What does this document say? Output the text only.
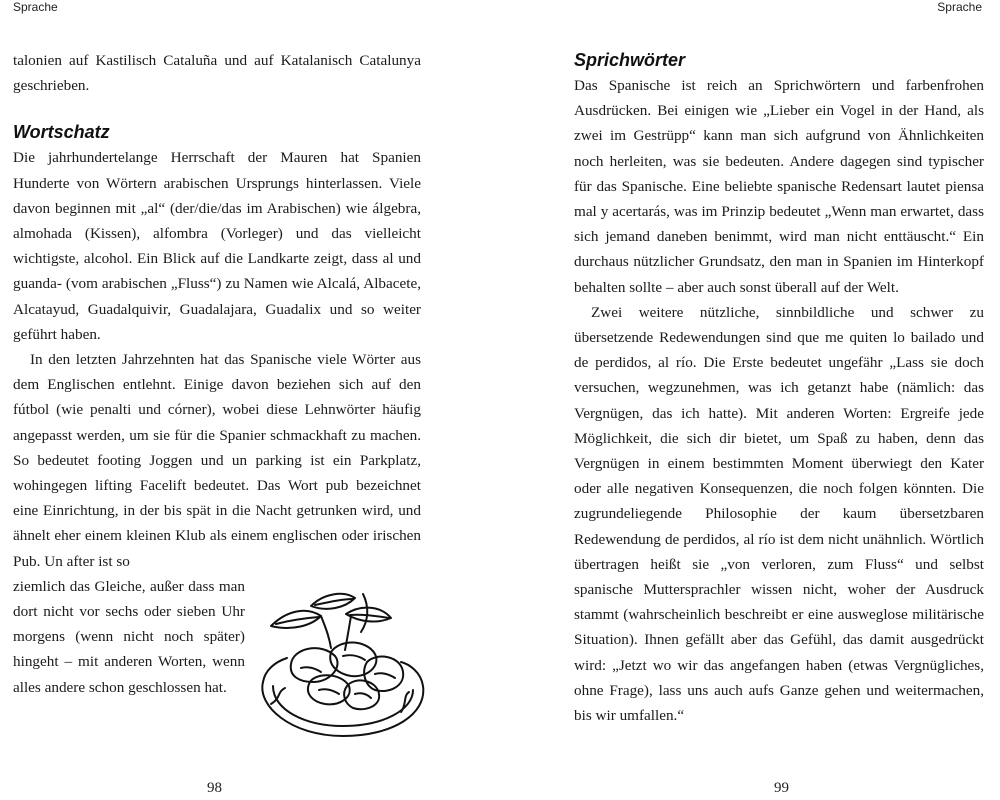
Sprache	Sprache

talonien auf Kastilisch Cataluña und auf Katalanisch Catalunya geschrieben.

Wortschatz

Die jahrhundertelange Herrschaft der Mauren hat Spanien Hunderte von Wörtern arabischen Ursprungs hinterlassen. Viele davon beginnen mit „al“ (der/die/das im Arabischen) wie álgebra, almohada (Kissen), alfombra (Vorleger) und das vielleicht wichtigste, alcohol. Ein Blick auf die Landkarte zeigt, dass al und guanda- (vom arabischen „Fluss“) zu Namen wie Alcalá, Albacete, Alcatayud, Guadalquivir, Guadalajara, Guadalix und so weiter geführt haben.

In den letzten Jahrzehnten hat das Spanische viele Wörter aus dem Englischen entlehnt. Einige davon beziehen sich auf den fútbol (wie penalti und córner), wobei diese Lehnwörter häufig angepasst werden, um sie für die Spanier schmackhaft zu machen. So bedeutet footing Joggen und un parking ist ein Parkplatz, wohingegen lifting Facelift bedeutet. Das Wort pub bezeichnet eine Einrichtung, in der bis spät in die Nacht getrunken wird, und ähnelt eher einem kleinen Klub als einem englischen oder irischen Pub. Un after ist so

ziemlich das Gleiche, außer dass man dort nicht vor sechs oder sieben Uhr morgens (wenn nicht noch später) hingeht – mit anderen Worten, wenn alles andere schon geschlossen hat.

98
Sprichwörter

Das Spanische ist reich an Sprichwörtern und farbenfrohen Ausdrücken. Bei einigen wie „Lieber ein Vogel in der Hand, als zwei im Gestrüpp“ kann man sich aufgrund von Ähnlichkeiten noch herleiten, was sie bedeuten. Andere dagegen sind typischer für das Spanische. Eine beliebte spanische Redensart lautet piensa mal y acertarás, was im Prinzip bedeutet „Wenn man erwartet, dass sich jemand daneben benimmt, wird man nicht enttäuscht.“ Ein durchaus nützlicher Grundsatz, den man in Spanien im Hinterkopf behalten sollte – aber auch sonst überall auf der Welt.

Zwei weitere nützliche, sinnbildliche und schwer zu übersetzende Redewendungen sind que me quiten lo bailado und de perdidos, al río. Die Erste bedeutet ungefähr „Lass sie doch versuchen, wegzunehmen, was ich getanzt habe (nämlich: das Vergnügen, das ich hatte). Mit anderen Worten: Ergreife jede Möglichkeit, die sich dir bietet, um Spaß zu haben, denn das Vergnügen in einem bestimmten Moment überwiegt den Kater oder alle negativen Konsequenzen, die noch folgen könnten. Die zugrundeliegende Philosophie der kaum übersetzbaren Redewendung de perdidos, al río ist dem nicht unähnlich. Wörtlich übertragen heißt sie „von verloren, zum Fluss“ und selbst spanische Muttersprachler wissen nicht, woher der Ausdruck stammt (wahrscheinlich beschreibt er eine ausweglose militärische Situation). Ihnen gefällt aber das Gefühl, das damit ausgedrückt wird: „Jetzt wo wir das angefangen haben (etwas Vergnügliches, ohne Frage), lass uns auch aufs Ganze gehen und weitermachen, bis wir umfallen.“

99
